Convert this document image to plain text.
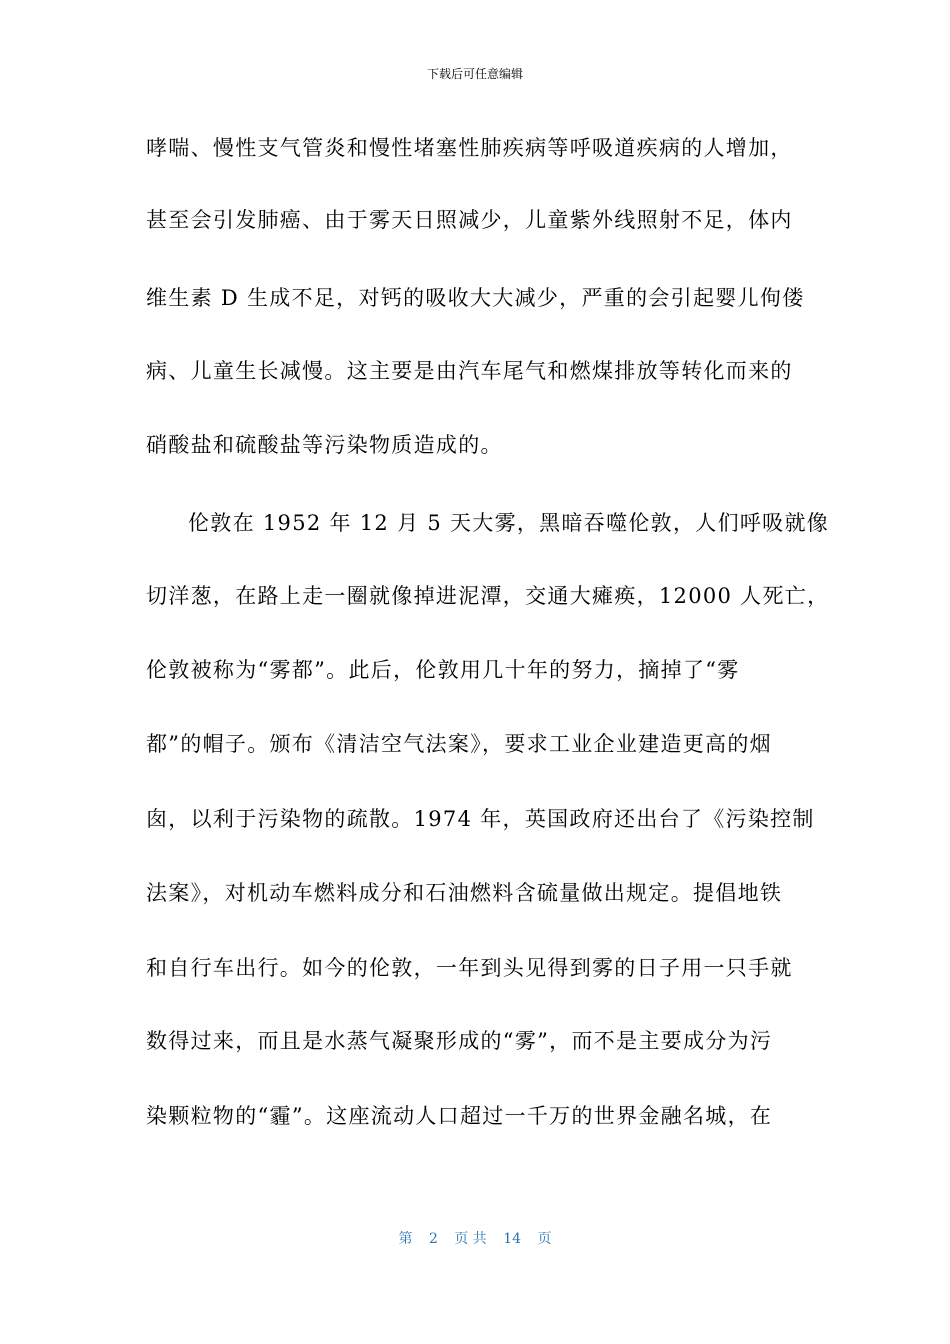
下载后可任意编辑
哮喘、慢性支气管炎和慢性堵塞性肺疾病等呼吸道疾病的人增加，
甚至会引发肺癌、由于雾天日照减少，儿童紫外线照射不足，体内
维生素 D 生成不足，对钙的吸收大大减少，严重的会引起婴儿佝偻
病、儿童生长减慢。这主要是由汽车尾气和燃煤排放等转化而来的
硝酸盐和硫酸盐等污染物质造成的。
伦敦在 1952 年 12 月 5 天大雾，黑暗吞噬伦敦，人们呼吸就像
切洋葱，在路上走一圈就像掉进泥潭，交通大瘫痪，12000 人死亡，
伦敦被称为“雾都”。此后，伦敦用几十年的努力，摘掉了“雾
都”的帽子。颁布《清洁空气法案》，要求工业企业建造更高的烟
囱，以利于污染物的疏散。1974 年，英国政府还出台了《污染控制
法案》，对机动车燃料成分和石油燃料含硫量做出规定。提倡地铁
和自行车出行。如今的伦敦，一年到头见得到雾的日子用一只手就
数得过来，而且是水蒸气凝聚形成的“雾”，而不是主要成分为污
染颗粒物的“霾”。这座流动人口超过一千万的世界金融名城，在
第 2 页 共 14 页
